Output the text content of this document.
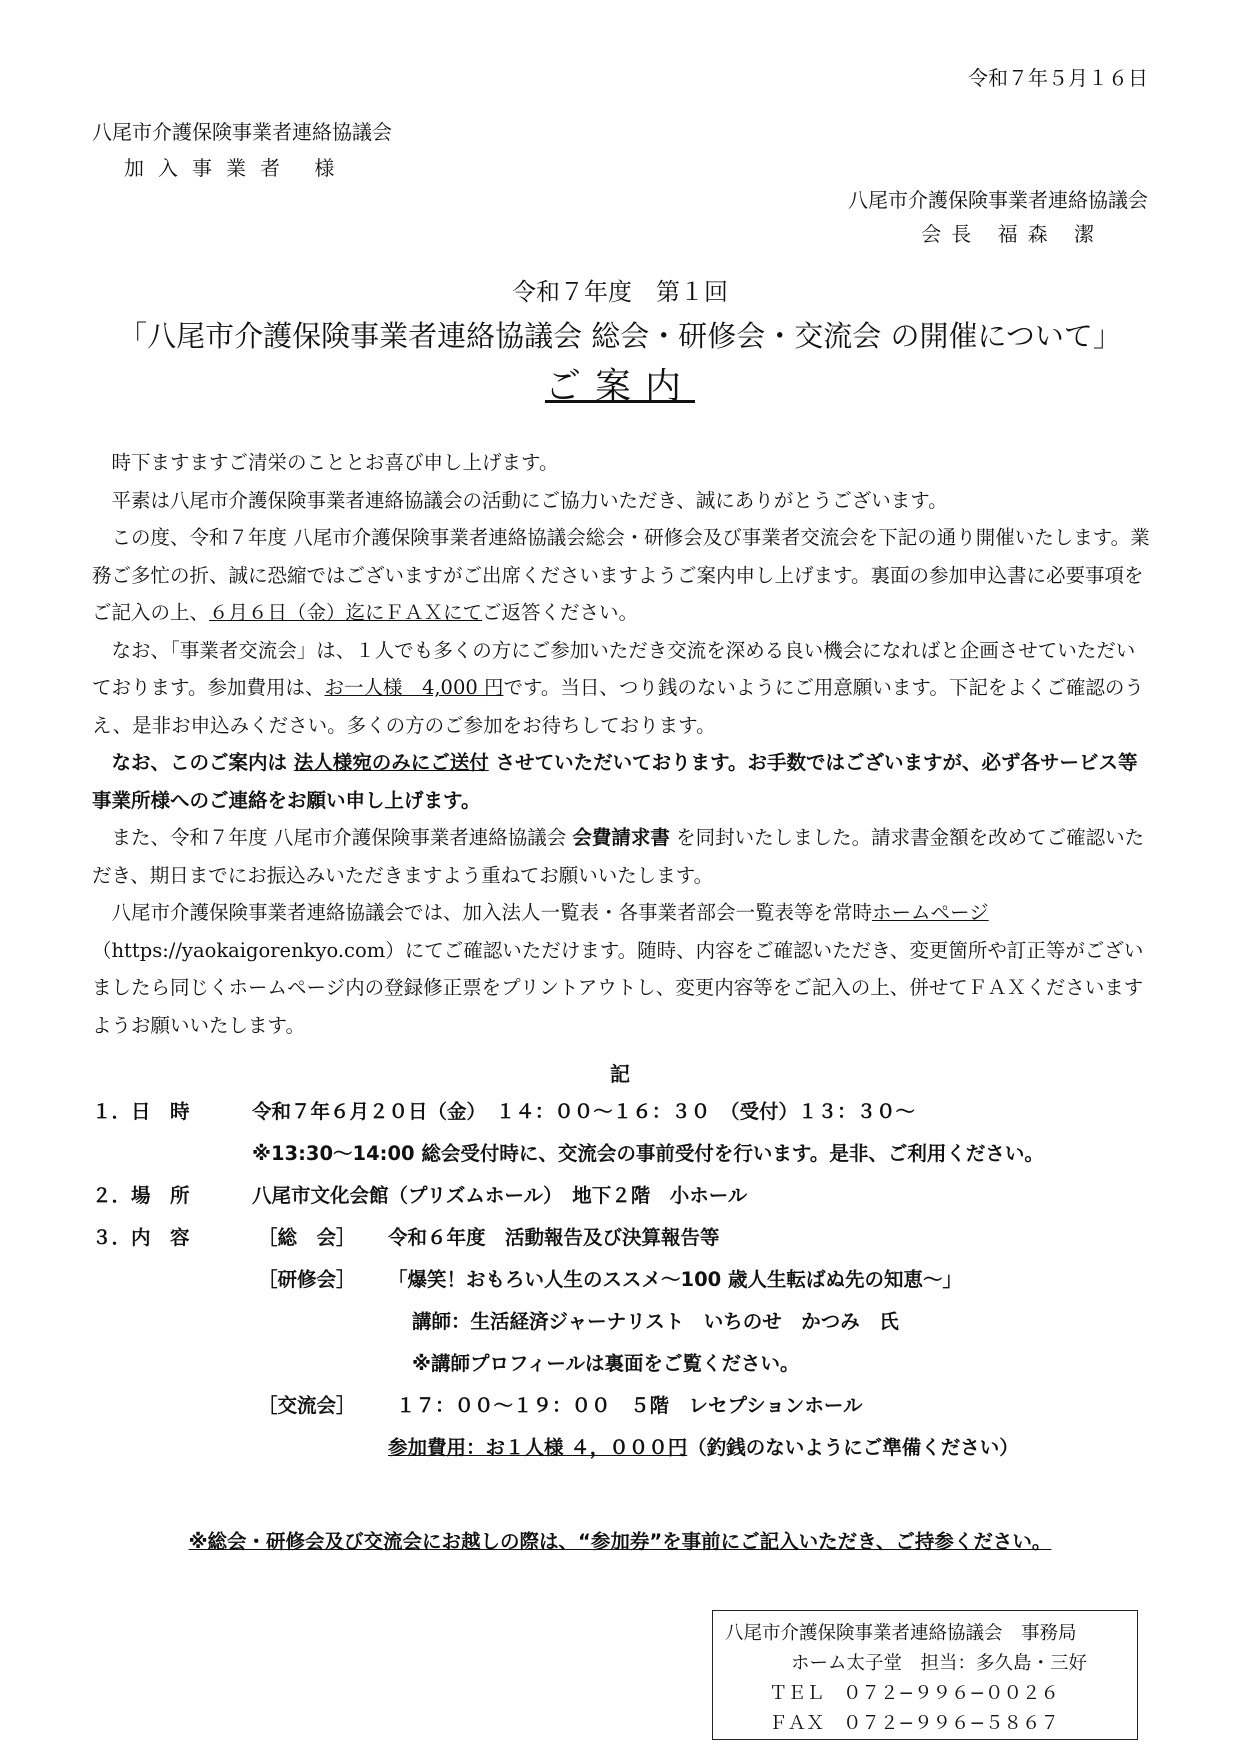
令和７年５月１６日
八尾市介護保険事業者連絡協議会
加入事業者 様
八尾市介護保険事業者連絡協議会
会長 福森 潔
令和７年度　第１回
「八尾市介護保険事業者連絡協議会 総会・研修会・交流会 の開催について」
ご案内

時下ますますご清栄のこととお喜び申し上げます。

平素は八尾市介護保険事業者連絡協議会の活動にご協力いただき、誠にありがとうございます。

この度、令和７年度 八尾市介護保険事業者連絡協議会総会・研修会及び事業者交流会を下記の通り開催いたします。業務ご多忙の折、誠に恐縮ではございますがご出席くださいますようご案内申し上げます。裏面の参加申込書に必要事項をご記入の上、６月６日（金）迄にＦＡＸにてご返答ください。

なお、「事業者交流会」は、１人でも多くの方にご参加いただき交流を深める良い機会になればと企画させていただいております。参加費用は、お一人様　4,000 円です。当日、つり銭のないようにご用意願います。下記をよくご確認のうえ、是非お申込みください。多くの方のご参加をお待ちしております。

なお、このご案内は 法人様宛のみにご送付 させていただいております。お手数ではございますが、必ず各サービス等事業所様へのご連絡をお願い申し上げます。

また、令和７年度 八尾市介護保険事業者連絡協議会 会費請求書 を同封いたしました。請求書金額を改めてご確認いただき、期日までにお振込みいただきますよう重ねてお願いいたします。

八尾市介護保険事業者連絡協議会では、加入法人一覧表・各事業者部会一覧表等を常時ホームページ（https://yaokaigorenkyo.com）にてご確認いただけます。随時、内容をご確認いただき、変更箇所や訂正等がございましたら同じくホームページ内の登録修正票をプリントアウトし、変更内容等をご記入の上、併せてＦＡＸくださいますようお願いいたします。

記
１．日　時	令和７年６月２０日（金）　１４：００〜１６：３０　（受付）１３：３０〜
※13:30〜14:00 総会受付時に、交流会の事前受付を行います。是非、ご利用ください。
２．場　所	八尾市文化会館（プリズムホール）　地下２階　小ホール
３．内　容	［総　会］ 令和６年度　活動報告及び決算報告等
［研修会］ 「爆笑！おもろい人生のススメ〜100 歳人生転ばぬ先の知恵〜」
講師：生活経済ジャーナリスト　いちのせ　かつみ　氏
※講師プロフィールは裏面をご覧ください。
［交流会］ １７：００〜１９：００　５階　レセプションホール
参加費用：お１人様 ４，０００円（釣銭のないようにご準備ください）
※総会・研修会及び交流会にお越しの際は、“参加券”を事前にご記入いただき、ご持参ください。
八尾市介護保険事業者連絡協議会　事務局
ホーム太子堂　担当：多久島・三好
ＴＥＬ　０７２−９９６−００２６
ＦＡＸ　０７２−９９６−５８６７
